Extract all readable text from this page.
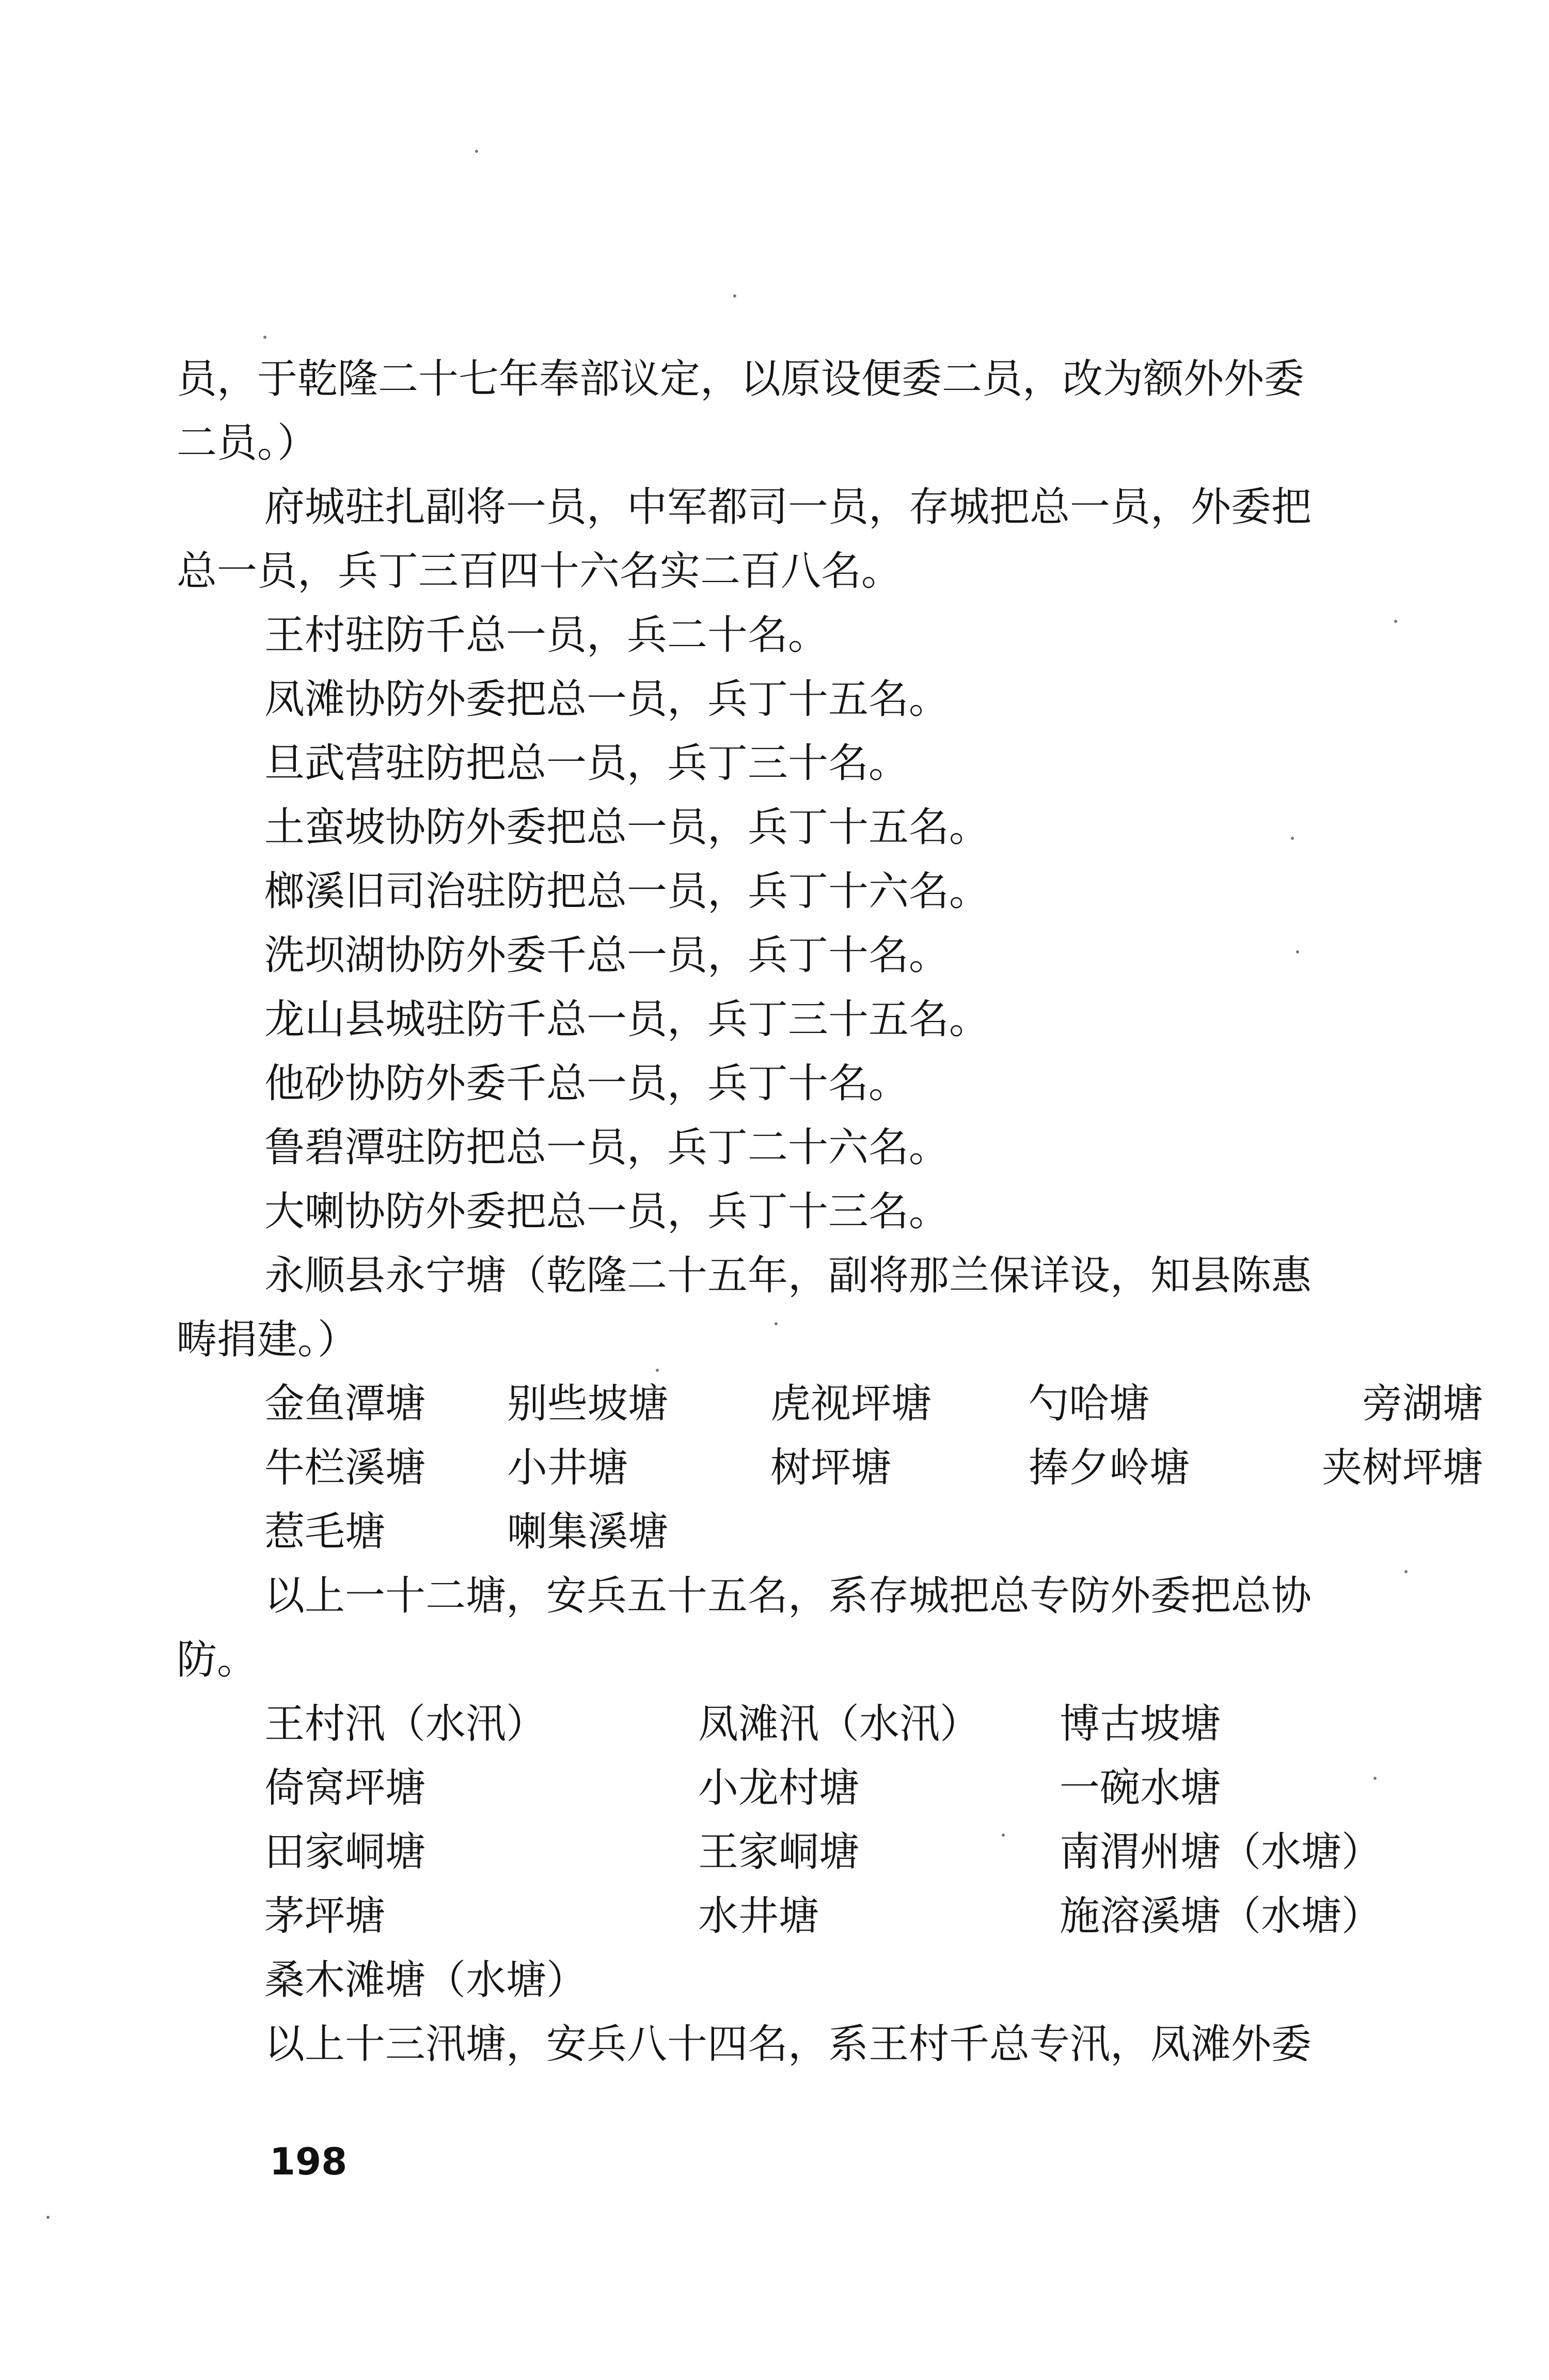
员，于乾隆二十七年奉部议定，以原设便委二员，改为额外外委
二员。）
府城驻扎副将一员，中军都司一员，存城把总一员，外委把
总一员，兵丁三百四十六名实二百八名。
王村驻防千总一员，兵二十名。
凤滩协防外委把总一员，兵丁十五名。
旦武营驻防把总一员，兵丁三十名。
土蛮坡协防外委把总一员，兵丁十五名。
榔溪旧司治驻防把总一员，兵丁十六名。
洗坝湖协防外委千总一员，兵丁十名。
龙山县城驻防千总一员，兵丁三十五名。
他砂协防外委千总一员，兵丁十名。
鲁碧潭驻防把总一员，兵丁二十六名。
大喇协防外委把总一员，兵丁十三名。
永顺县永宁塘（乾隆二十五年，副将那兰保详设，知县陈惠
畴捐建。）
金鱼潭塘	别些坡塘	虎视坪塘	勺哈塘	旁湖塘
牛栏溪塘	小井塘	树坪塘	捧夕岭塘	夹树坪塘
惹毛塘	喇集溪塘
以上一十二塘，安兵五十五名，系存城把总专防外委把总协
防。
王村汛（水汛）	凤滩汛（水汛）	博古坡塘
倚窝坪塘	小龙村塘	一碗水塘
田家峒塘	王家峒塘	南渭州塘（水塘）
茅坪塘	水井塘	施溶溪塘（水塘）
桑木滩塘（水塘）
以上十三汛塘，安兵八十四名，系王村千总专汛，凤滩外委
198
